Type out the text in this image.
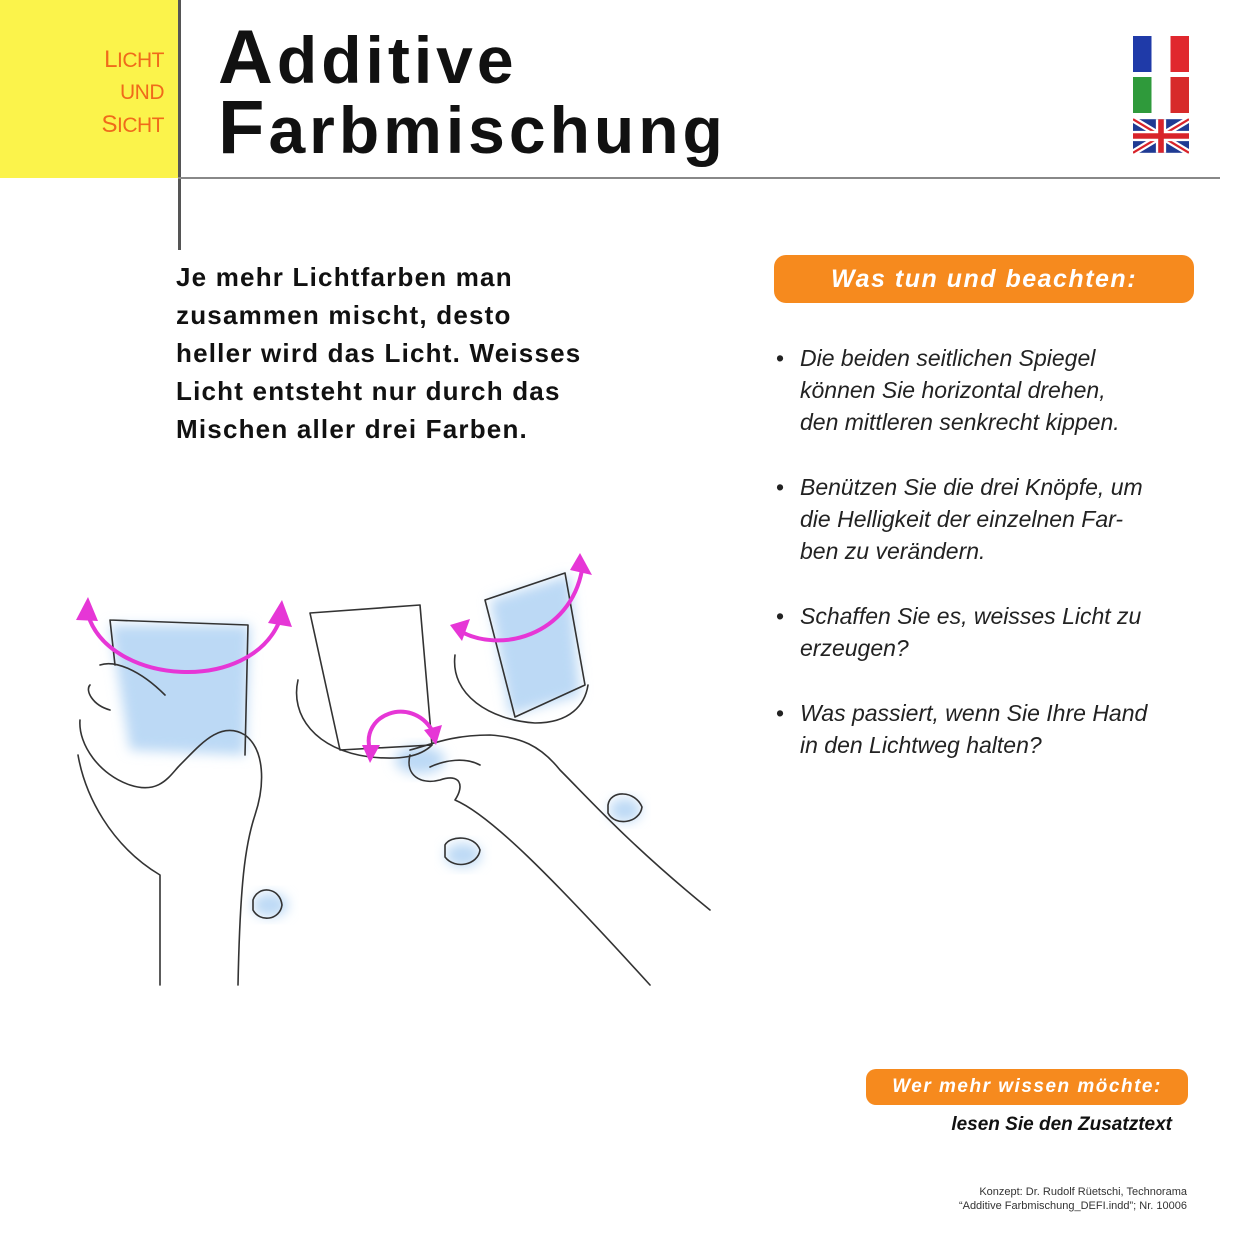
LICHT
UND
SICHT
Additive
Farbmischung
Je mehr Lichtfarben man
zusammen mischt, desto
heller wird das Licht. Weisses
Licht entsteht nur durch das
Mischen aller drei Farben.
Was tun und beachten:
• Die beiden seitlichen Spiegel
können Sie horizontal drehen,
den mittleren senkrecht kippen.
• Benützen Sie die drei Knöpfe, um
die Helligkeit der einzelnen Far-
ben zu verändern.
• Schaffen Sie es, weisses Licht zu
erzeugen?
• Was passiert, wenn Sie Ihre Hand
in den Lichtweg halten?
Wer mehr wissen möchte:
lesen Sie den Zusatztext
Konzept: Dr. Rudolf Rüetschi, Technorama
“Additive Farbmischung_DEFI.indd”; Nr. 10006
